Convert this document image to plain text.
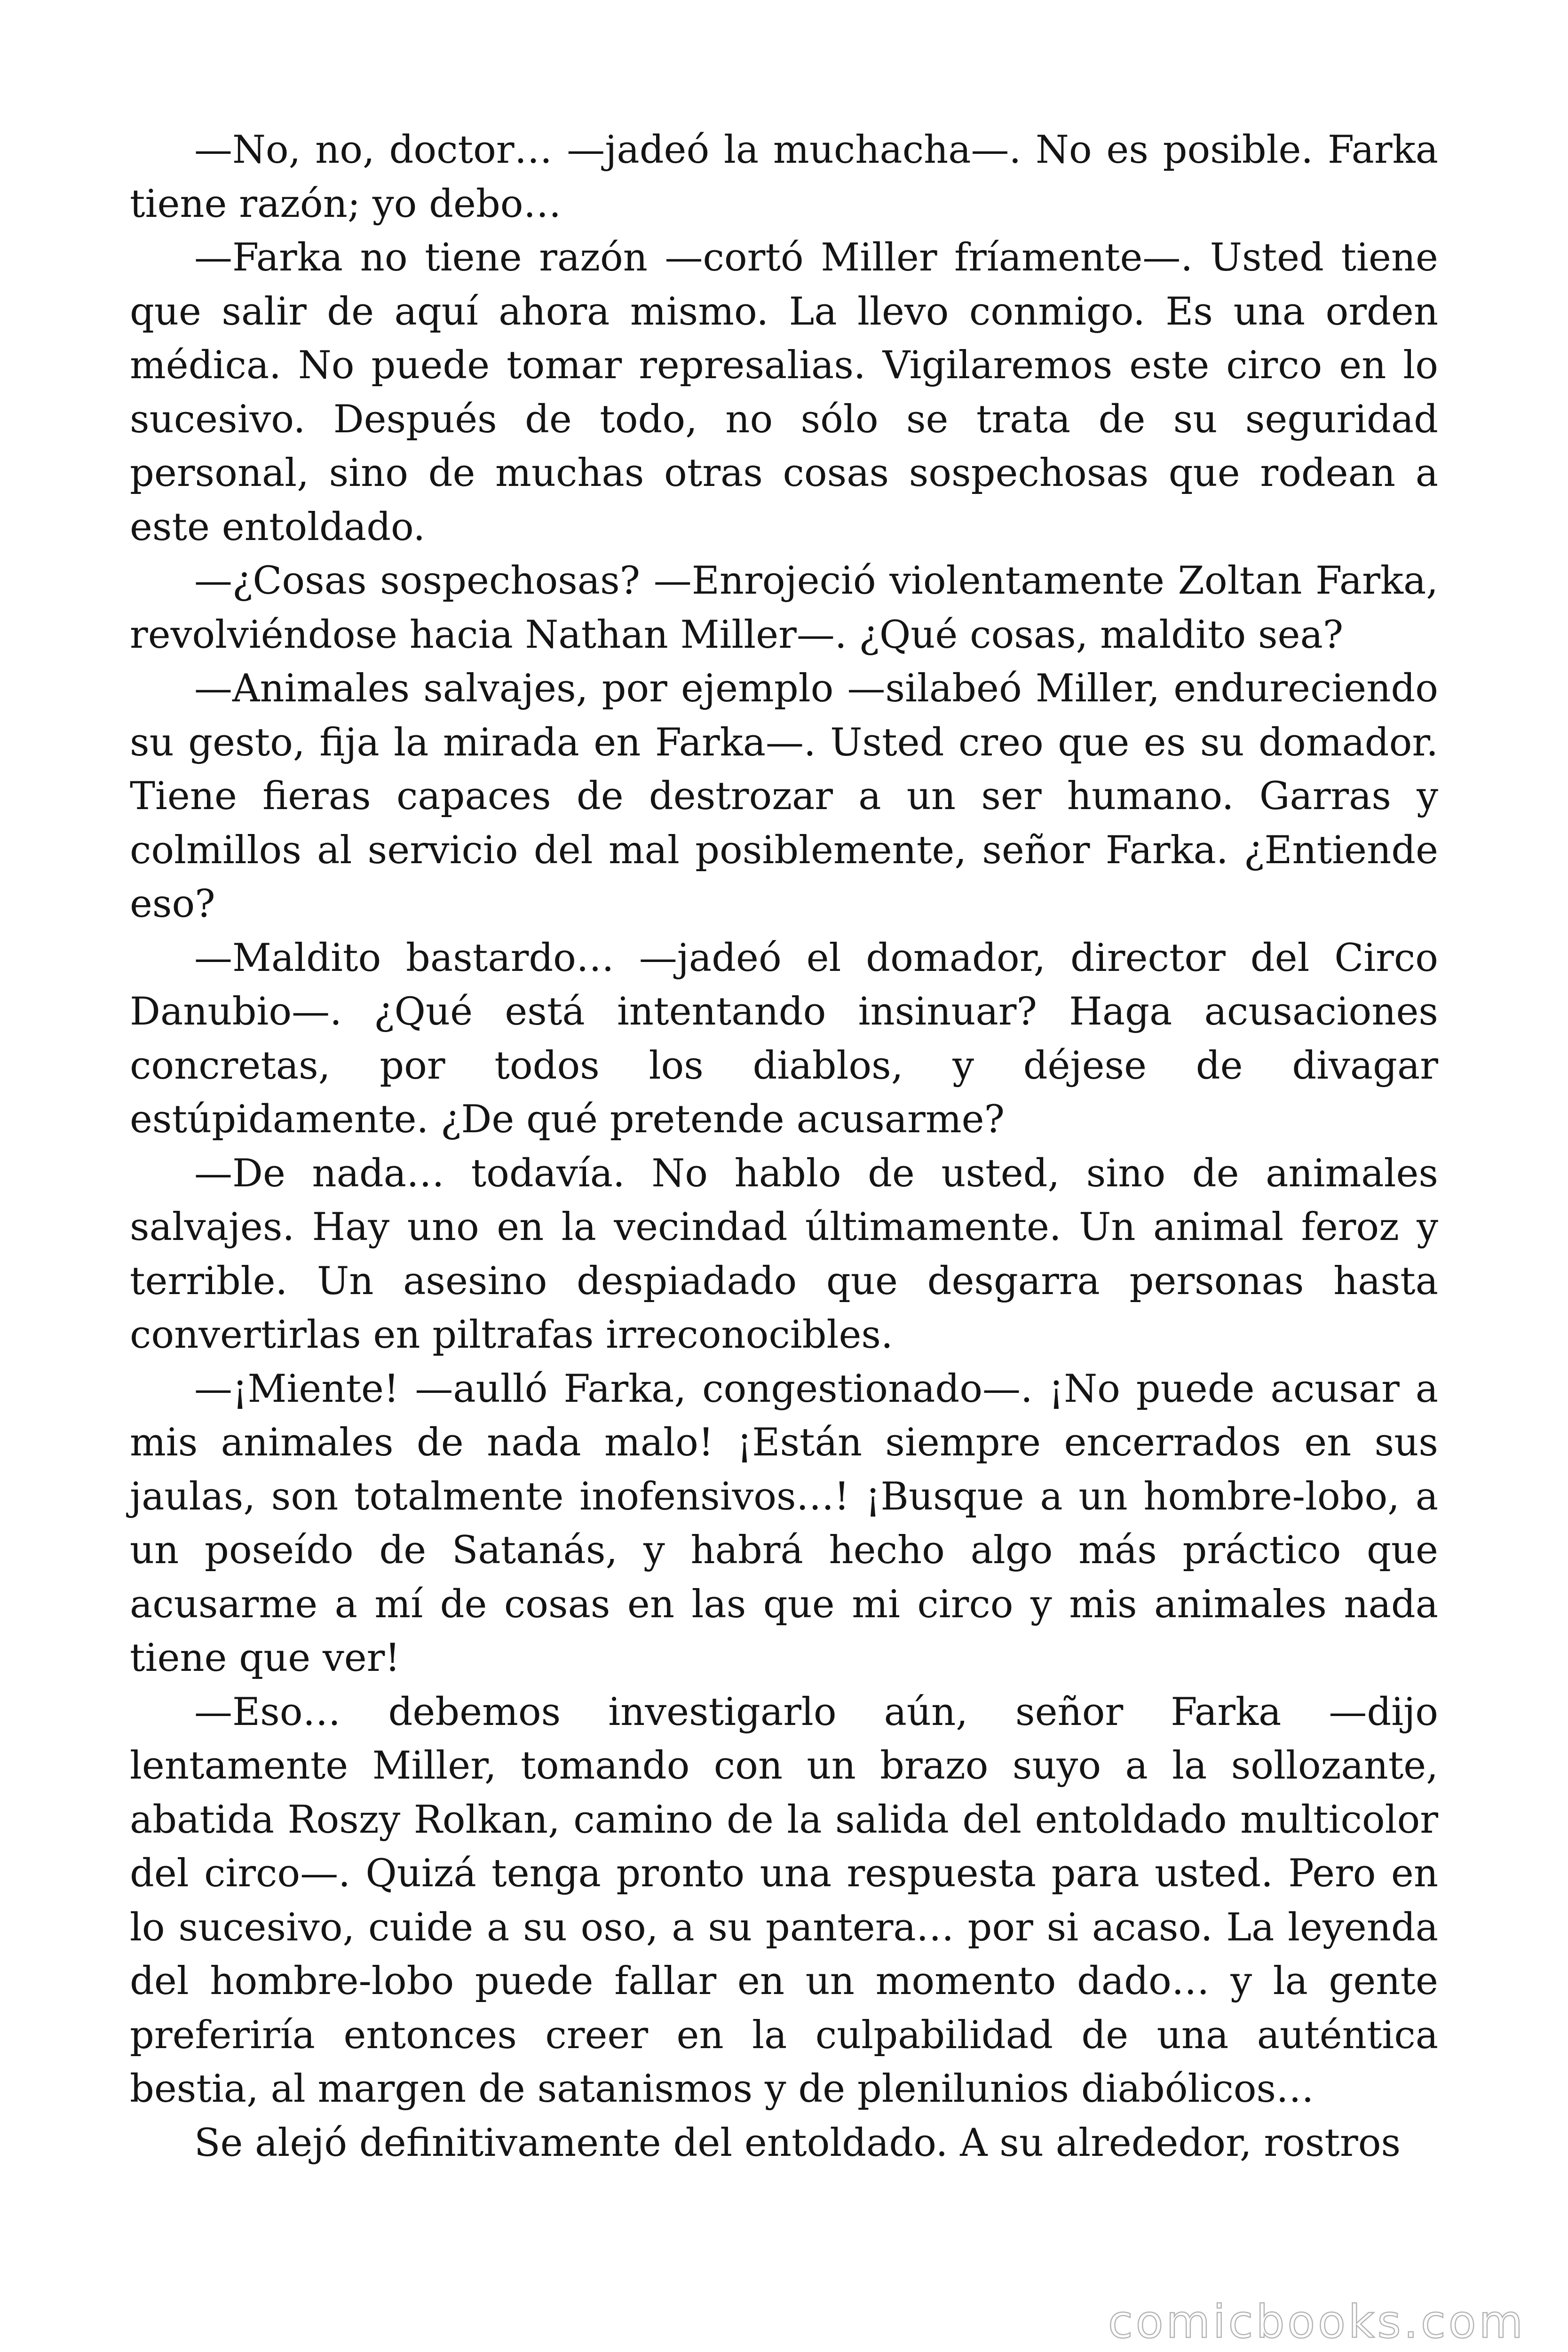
—No, no, doctor… —jadeó la muchacha—. No es posible. Farka tiene razón; yo debo…

—Farka no tiene razón —cortó Miller fríamente—. Usted tiene que salir de aquí ahora mismo. La llevo conmigo. Es una orden médica. No puede tomar represalias. Vigilaremos este circo en lo sucesivo. Después de todo, no sólo se trata de su seguridad personal, sino de muchas otras cosas sospechosas que rodean a este entoldado.

—¿Cosas sospechosas? —Enrojeció violentamente Zoltan Farka, revolviéndose hacia Nathan Miller—. ¿Qué cosas, maldito sea?

—Animales salvajes, por ejemplo —silabeó Miller, endureciendo su gesto, fija la mirada en Farka—. Usted creo que es su domador. Tiene fieras capaces de destrozar a un ser humano. Garras y colmillos al servicio del mal posiblemente, señor Farka. ¿Entiende eso?

—Maldito bastardo… —jadeó el domador, director del Circo Danubio—. ¿Qué está intentando insinuar? Haga acusaciones concretas, por todos los diablos, y déjese de divagar estúpidamente. ¿De qué pretende acusarme?

—De nada… todavía. No hablo de usted, sino de animales salvajes. Hay uno en la vecindad últimamente. Un animal feroz y terrible. Un asesino despiadado que desgarra personas hasta convertirlas en piltrafas irreconocibles.

—¡Miente! —aulló Farka, congestionado—. ¡No puede acusar a mis animales de nada malo! ¡Están siempre encerrados en sus jaulas, son totalmente inofensivos…! ¡Busque a un hombre-lobo, a un poseído de Satanás, y habrá hecho algo más práctico que acusarme a mí de cosas en las que mi circo y mis animales nada tiene que ver!

—Eso… debemos investigarlo aún, señor Farka —dijo lentamente Miller, tomando con un brazo suyo a la sollozante, abatida Roszy Rolkan, camino de la salida del entoldado multicolor del circo—. Quizá tenga pronto una respuesta para usted. Pero en lo sucesivo, cuide a su oso, a su pantera… por si acaso. La leyenda del hombre-lobo puede fallar en un momento dado… y la gente preferiría entonces creer en la culpabilidad de una auténtica bestia, al margen de satanismos y de plenilunios diabólicos…

Se alejó definitivamente del entoldado. A su alrededor, rostros

comicbooks.com
